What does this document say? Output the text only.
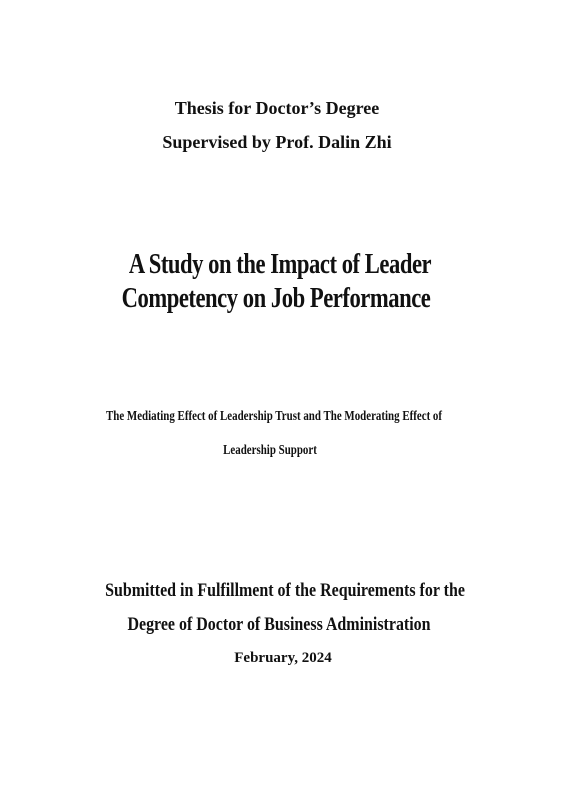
Thesis for Doctor’s Degree
Supervised by Prof. Dalin Zhi
A Study on the Impact of Leader
Competency on Job Performance
The Mediating Effect of Leadership Trust and The Moderating Effect of
Leadership Support
Submitted in Fulfillment of the Requirements for the
Degree of Doctor of Business Administration
February, 2024
